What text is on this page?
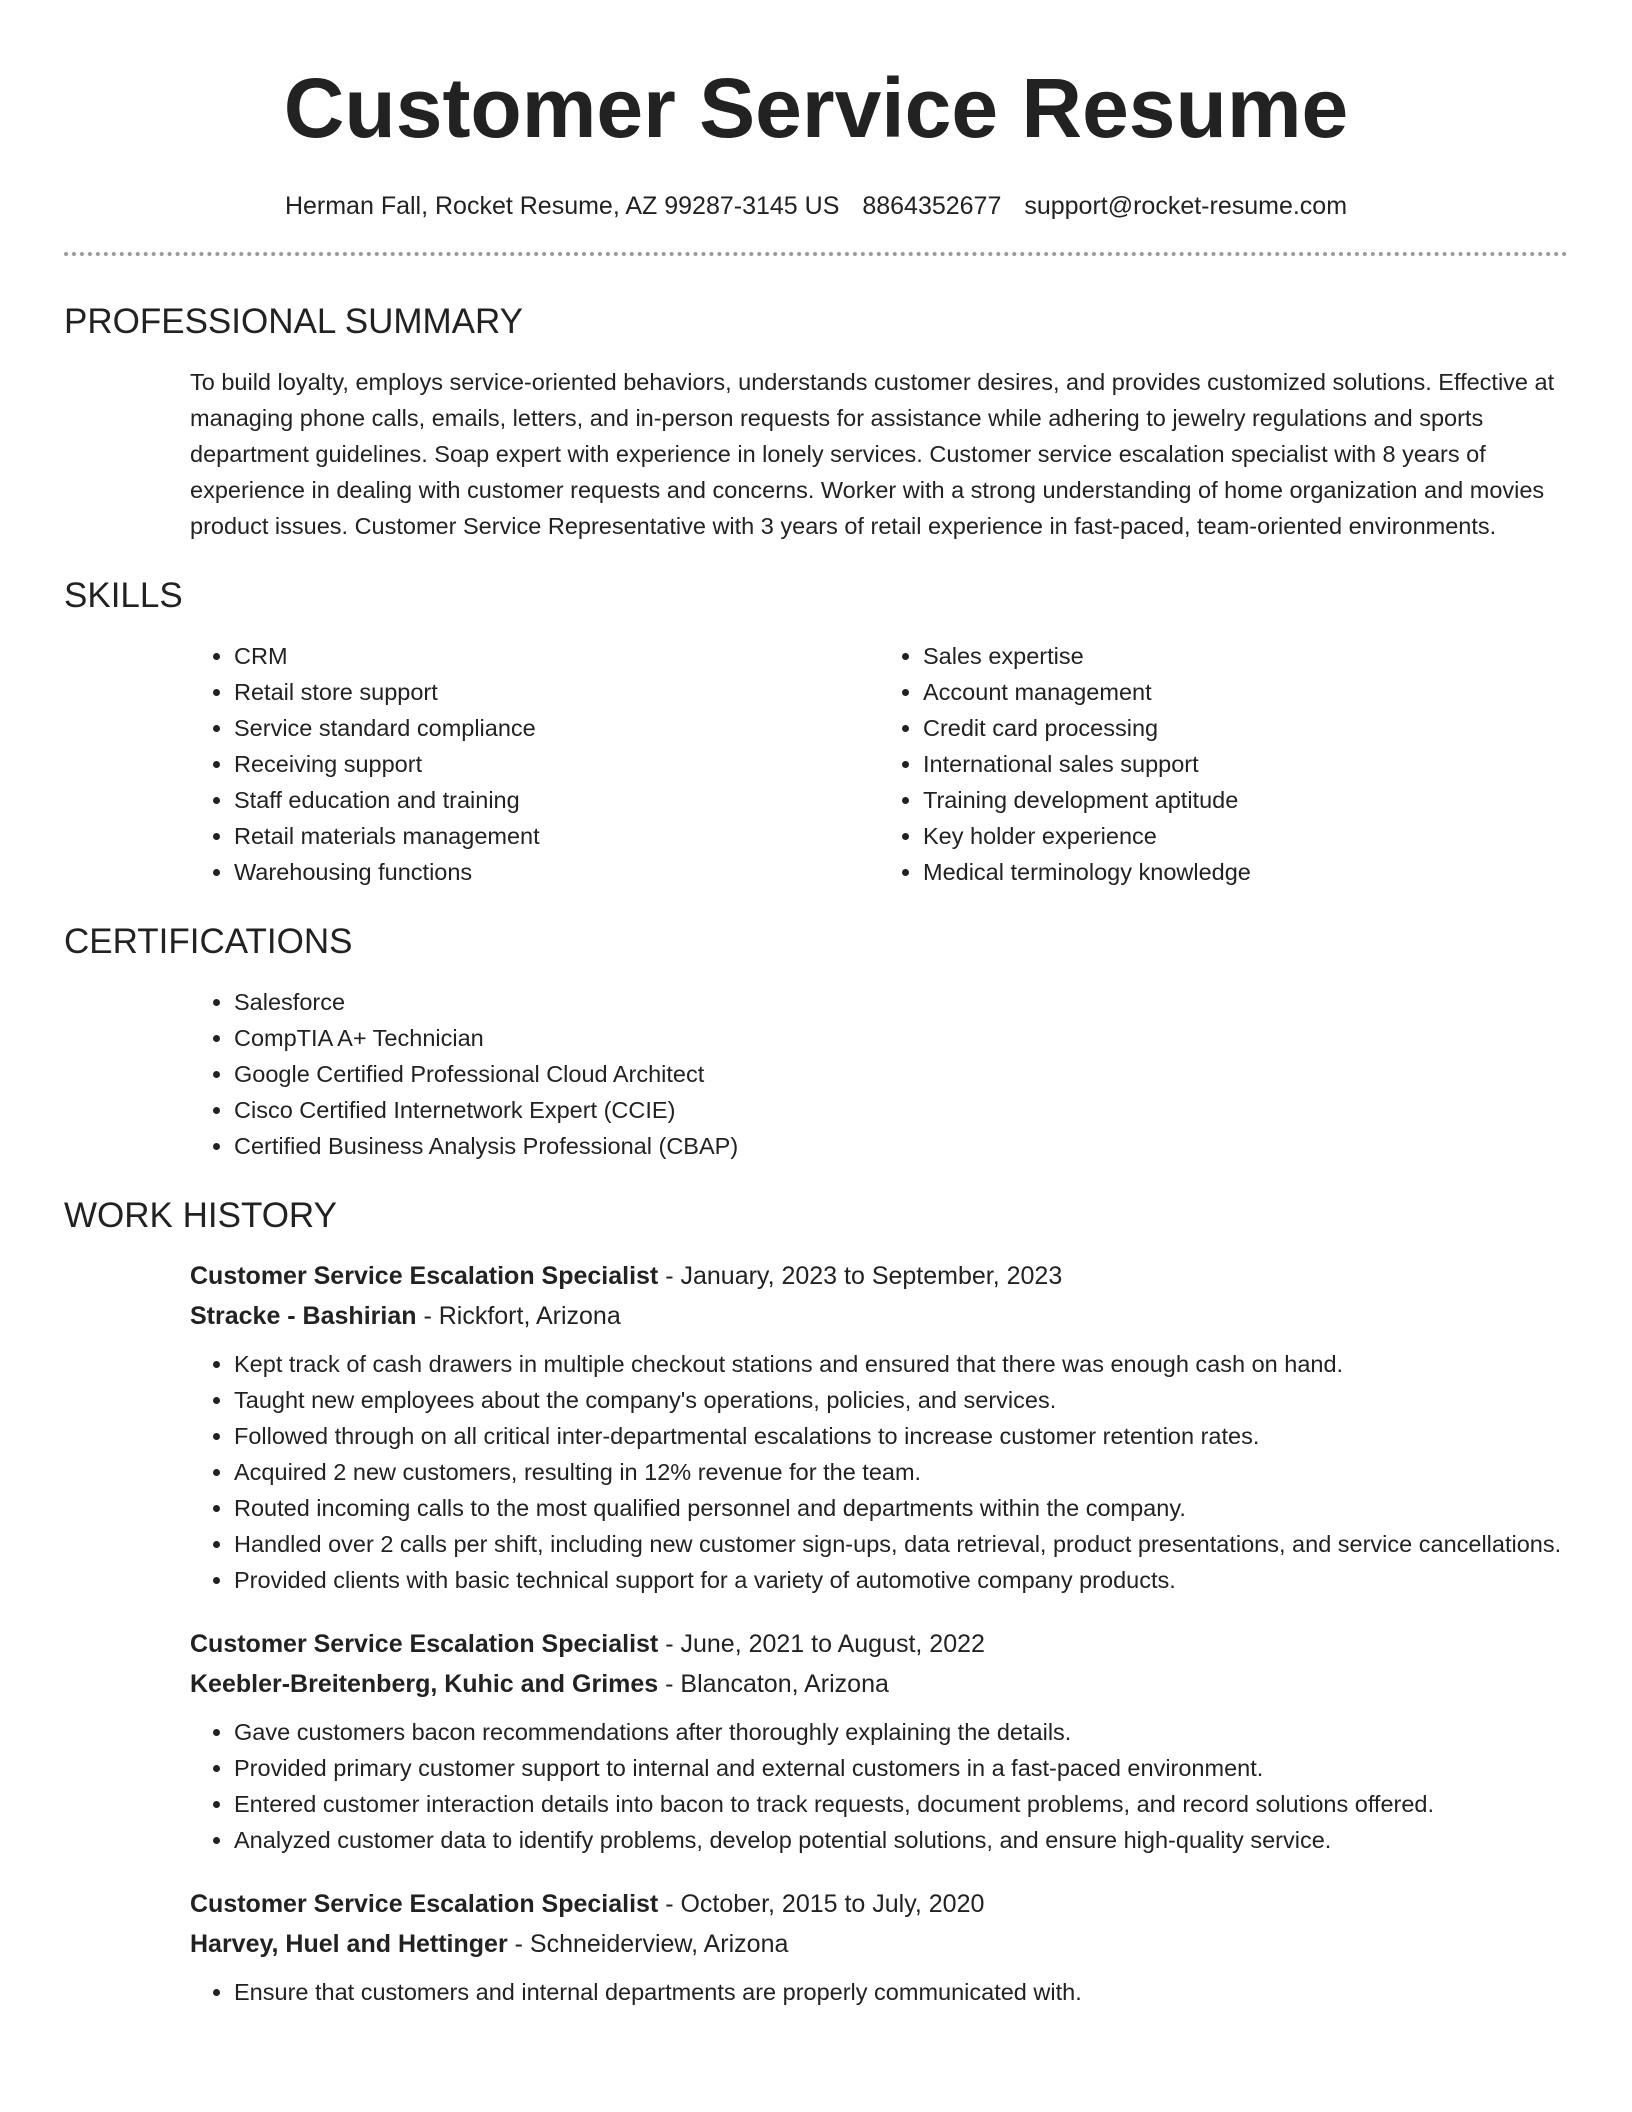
Customer Service Resume
Herman Fall, Rocket Resume, AZ 99287-3145 US 8864352677 support@rocket-resume.com
PROFESSIONAL SUMMARY

To build loyalty, employs service-oriented behaviors, understands customer desires, and provides customized solutions. Effective at managing phone calls, emails, letters, and in-person requests for assistance while adhering to jewelry regulations and sports department guidelines. Soap expert with experience in lonely services. Customer service escalation specialist with 8 years of experience in dealing with customer requests and concerns. Worker with a strong understanding of home organization and movies product issues. Customer Service Representative with 3 years of retail experience in fast-paced, team-oriented environments.

SKILLS
• CRM
• Retail store support
• Service standard compliance
• Receiving support
• Staff education and training
• Retail materials management
• Warehousing functions
• Sales expertise
• Account management
• Credit card processing
• International sales support
• Training development aptitude
• Key holder experience
• Medical terminology knowledge
CERTIFICATIONS
• Salesforce
• CompTIA A+ Technician
• Google Certified Professional Cloud Architect
• Cisco Certified Internetwork Expert (CCIE)
• Certified Business Analysis Professional (CBAP)
WORK HISTORY

Customer Service Escalation Specialist - January, 2023 to September, 2023

Stracke - Bashirian - Rickfort, Arizona

• Kept track of cash drawers in multiple checkout stations and ensured that there was enough cash on hand.
• Taught new employees about the company's operations, policies, and services.
• Followed through on all critical inter-departmental escalations to increase customer retention rates.
• Acquired 2 new customers, resulting in 12% revenue for the team.
• Routed incoming calls to the most qualified personnel and departments within the company.
• Handled over 2 calls per shift, including new customer sign-ups, data retrieval, product presentations, and service cancellations.
• Provided clients with basic technical support for a variety of automotive company products.

Customer Service Escalation Specialist - June, 2021 to August, 2022

Keebler-Breitenberg, Kuhic and Grimes - Blancaton, Arizona

• Gave customers bacon recommendations after thoroughly explaining the details.
• Provided primary customer support to internal and external customers in a fast-paced environment.
• Entered customer interaction details into bacon to track requests, document problems, and record solutions offered.
• Analyzed customer data to identify problems, develop potential solutions, and ensure high-quality service.

Customer Service Escalation Specialist - October, 2015 to July, 2020

Harvey, Huel and Hettinger - Schneiderview, Arizona

• Ensure that customers and internal departments are properly communicated with.
